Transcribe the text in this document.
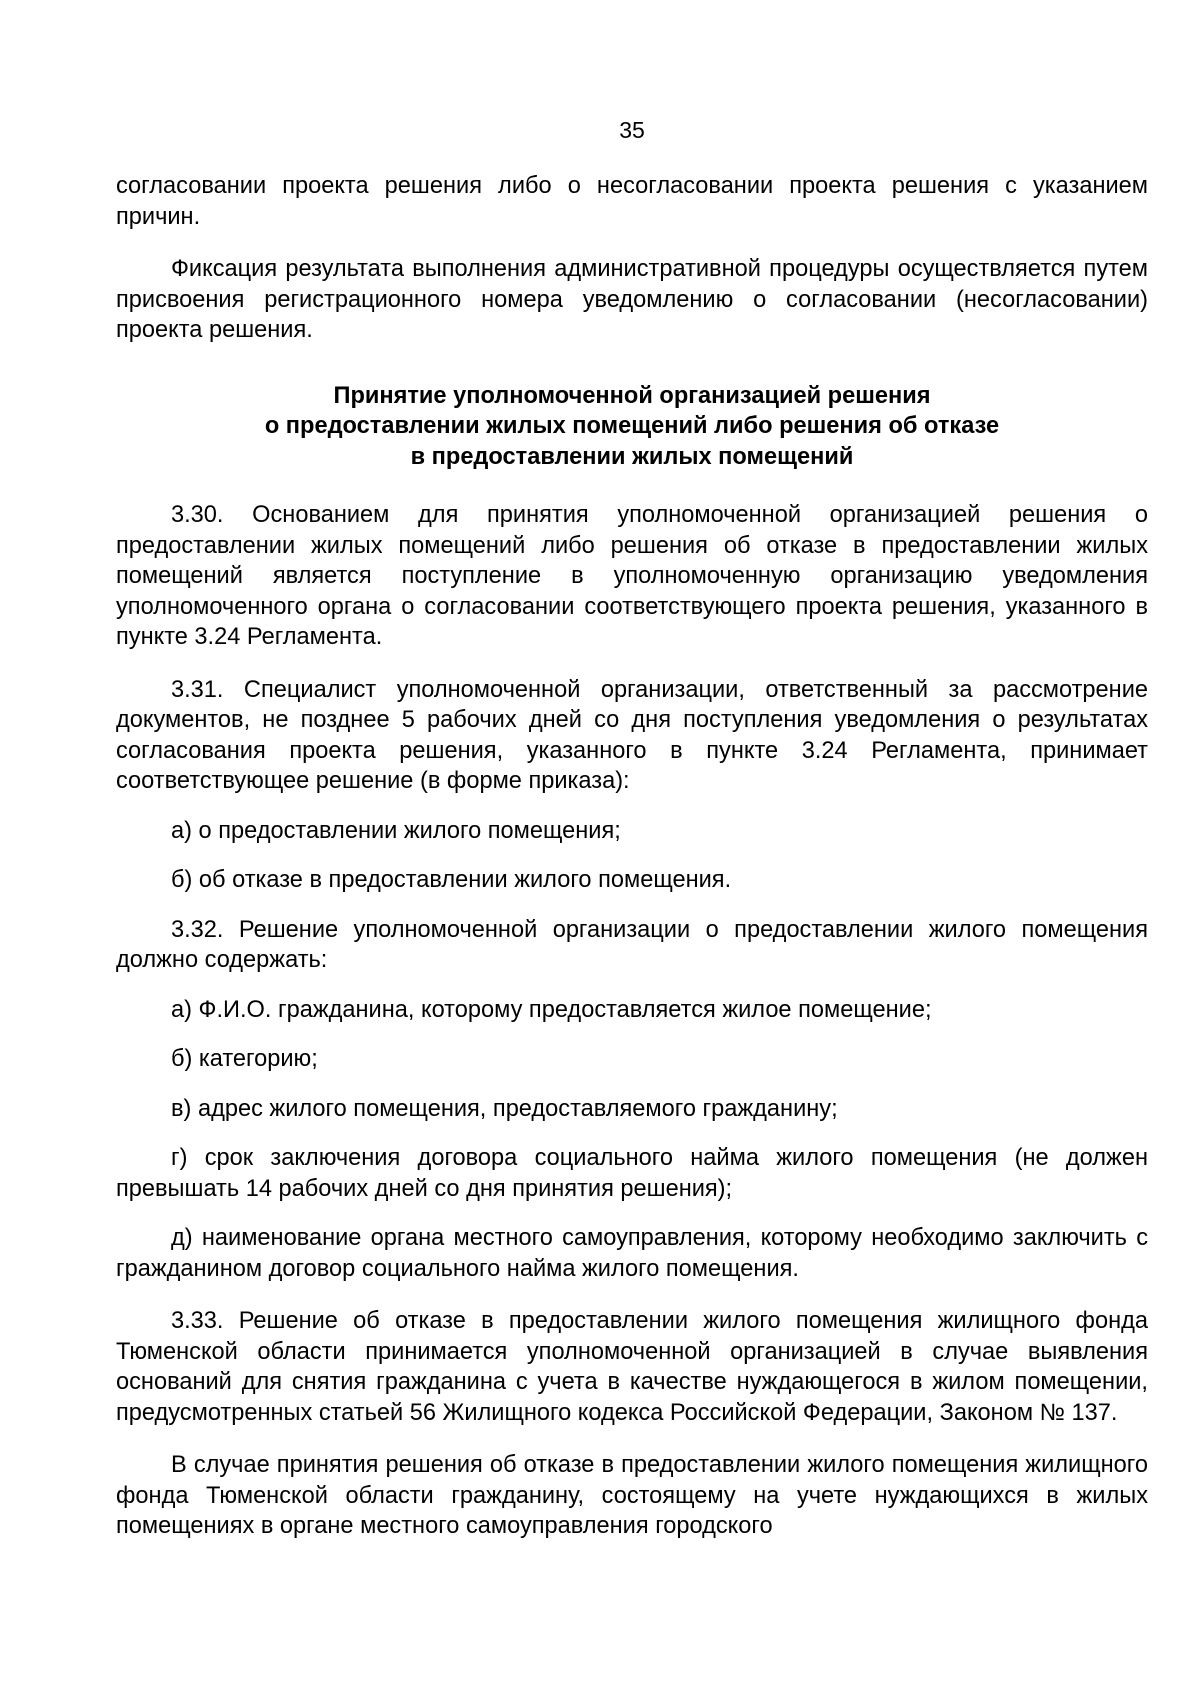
35

согласовании проекта решения либо о несогласовании проекта решения с указанием причин.

Фиксация результата выполнения административной процедуры осуществляется путем присвоения регистрационного номера уведомлению о согласовании (несогласовании) проекта решения.

Принятие уполномоченной организацией решения
о предоставлении жилых помещений либо решения об отказе
в предоставлении жилых помещений

3.30. Основанием для принятия уполномоченной организацией решения о предоставлении жилых помещений либо решения об отказе в предоставлении жилых помещений является поступление в уполномоченную организацию уведомления уполномоченного органа о согласовании соответствующего проекта решения, указанного в пункте 3.24 Регламента.

3.31. Специалист уполномоченной организации, ответственный за рассмотрение документов, не позднее 5 рабочих дней со дня поступления уведомления о результатах согласования проекта решения, указанного в пункте 3.24 Регламента, принимает соответствующее решение (в форме приказа):

а) о предоставлении жилого помещения;

б) об отказе в предоставлении жилого помещения.

3.32. Решение уполномоченной организации о предоставлении жилого помещения должно содержать:

а) Ф.И.О. гражданина, которому предоставляется жилое помещение;

б) категорию;

в) адрес жилого помещения, предоставляемого гражданину;

г) срок заключения договора социального найма жилого помещения (не должен превышать 14 рабочих дней со дня принятия решения);

д) наименование органа местного самоуправления, которому необходимо заключить с гражданином договор социального найма жилого помещения.

3.33. Решение об отказе в предоставлении жилого помещения жилищного фонда Тюменской области принимается уполномоченной организацией в случае выявления оснований для снятия гражданина с учета в качестве нуждающегося в жилом помещении, предусмотренных статьей 56 Жилищного кодекса Российской Федерации, Законом № 137.

В случае принятия решения об отказе в предоставлении жилого помещения жилищного фонда Тюменской области гражданину, состоящему на учете нуждающихся в жилых помещениях в органе местного самоуправления городского
